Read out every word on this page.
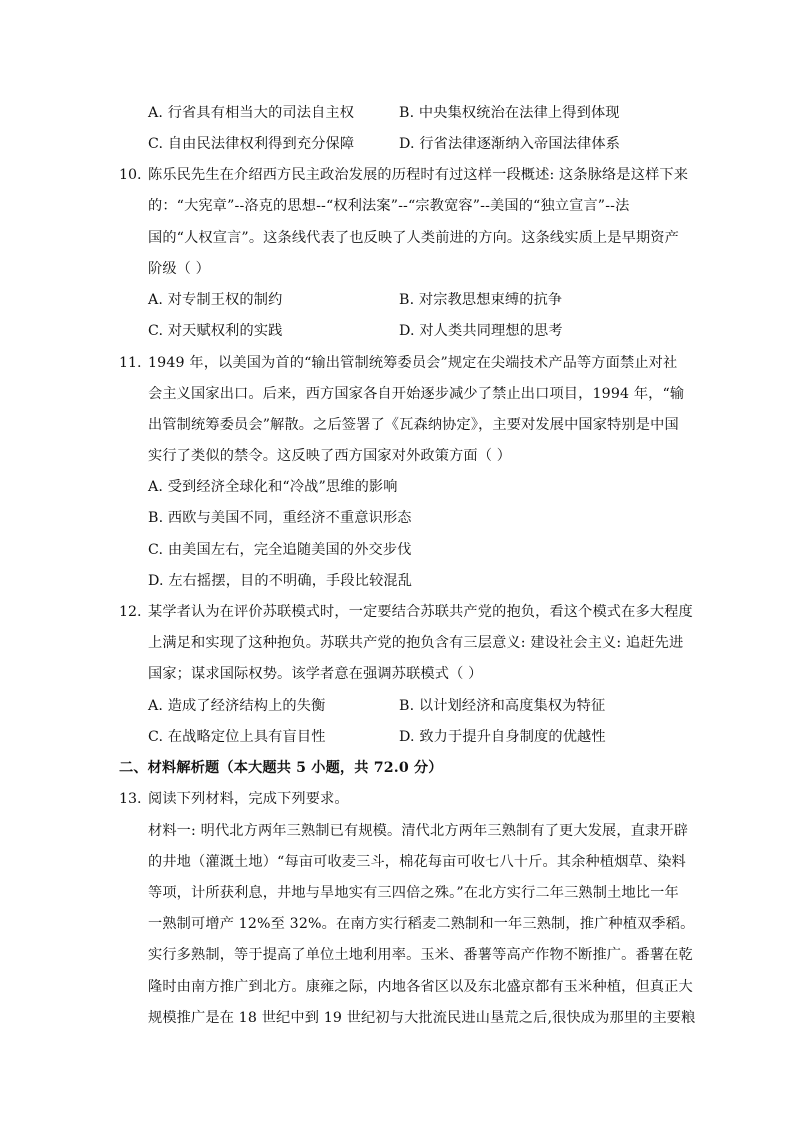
A. 行省具有相当大的司法自主权	B. 中央集权统治在法律上得到体现
C. 自由民法律权利得到充分保障	D. 行省法律逐渐纳入帝国法律体系
10. 陈乐民先生在介绍西方民主政治发展的历程时有过这样一段概述: 这条脉络是这样下来
的：“大宪章”--洛克的思想--“权利法案”--“宗教宽容”--美国的“独立宣言”--法
国的“人权宣言”。这条线代表了也反映了人类前进的方向。这条线实质上是早期资产
阶级（ ）
A. 对专制王权的制约	B. 对宗教思想束缚的抗争
C. 对天赋权利的实践	D. 对人类共同理想的思考
11. 1949 年，以美国为首的“输出管制统筹委员会”规定在尖端技术产品等方面禁止对社
会主义国家出口。后来，西方国家各自开始逐步减少了禁止出口项目，1994 年，“输
出管制统筹委员会”解散。之后签署了《瓦森纳协定》，主要对发展中国家特别是中国
实行了类似的禁令。这反映了西方国家对外政策方面（ ）
A. 受到经济全球化和“冷战”思维的影响
B. 西欧与美国不同，重经济不重意识形态
C. 由美国左右，完全追随美国的外交步伐
D. 左右摇摆，目的不明确，手段比较混乱
12. 某学者认为在评价苏联模式时，一定要结合苏联共产党的抱负，看这个模式在多大程度
上满足和实现了这种抱负。苏联共产党的抱负含有三层意义: 建设社会主义: 追赶先进
国家；谋求国际权势。该学者意在强调苏联模式（ ）
A. 造成了经济结构上的失衡	B. 以计划经济和高度集权为特征
C. 在战略定位上具有盲目性	D. 致力于提升自身制度的优越性
二、材料解析题（本大题共 5 小题，共 72.0 分）
13. 阅读下列材料，完成下列要求。
材料一: 明代北方两年三熟制已有规模。清代北方两年三熟制有了更大发展，直隶开辟
的井地（灌溉土地）“每亩可收麦三斗，棉花每亩可收七八十斤。其余种植烟草、染料
等项，计所获利息，井地与旱地实有三四倍之殊。”在北方实行二年三熟制土地比一年
一熟制可增产 12%至 32%。在南方实行稻麦二熟制和一年三熟制，推广种植双季稻。
实行多熟制，等于提高了单位土地利用率。玉米、番薯等高产作物不断推广。番薯在乾
隆时由南方推广到北方。康雍之际，内地各省区以及东北盛京都有玉米种植，但真正大
规模推广是在 18 世纪中到 19 世纪初与大批流民进山垦荒之后,很快成为那里的主要粮
